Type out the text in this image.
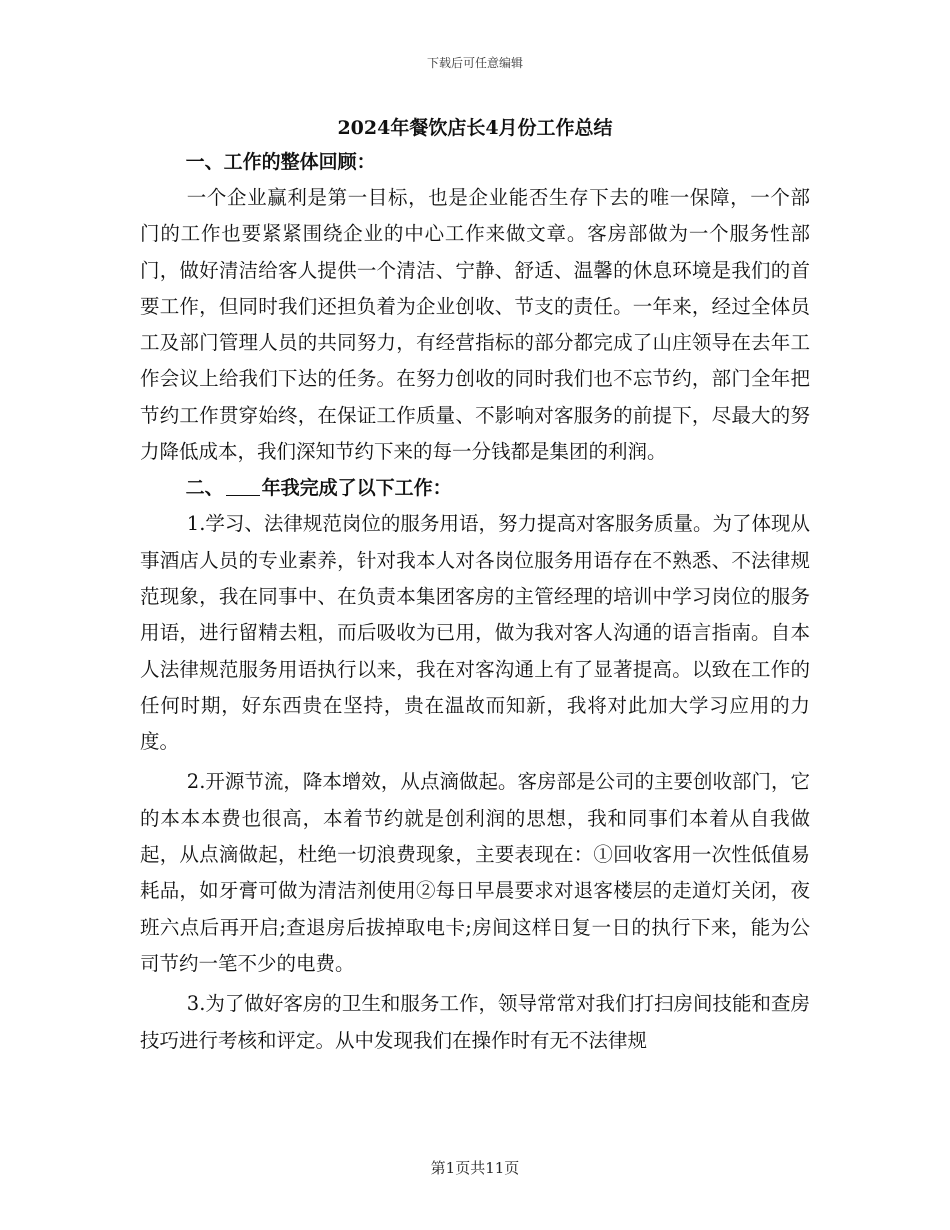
下载后可任意编辑
2024年餐饮店长4月份工作总结
一、工作的整体回顾：

一个企业赢利是第一目标，也是企业能否生存下去的唯一保障，一个部门的工作也要紧紧围绕企业的中心工作来做文章。客房部做为一个服务性部门，做好清洁给客人提供一个清洁、宁静、舒适、温馨的休息环境是我们的首要工作，但同时我们还担负着为企业创收、节支的责任。一年来，经过全体员工及部门管理人员的共同努力，有经营指标的部分都完成了山庄领导在去年工作会议上给我们下达的任务。在努力创收的同时我们也不忘节约，部门全年把节约工作贯穿始终，在保证工作质量、不影响对客服务的前提下，尽最大的努力降低成本，我们深知节约下来的每一分钱都是集团的利润。

二、 年我完成了以下工作：

1.学习、法律规范岗位的服务用语，努力提高对客服务质量。为了体现从事酒店人员的专业素养，针对我本人对各岗位服务用语存在不熟悉、不法律规范现象，我在同事中、在负责本集团客房的主管经理的培训中学习岗位的服务用语，进行留精去粗，而后吸收为已用，做为我对客人沟通的语言指南。自本人法律规范服务用语执行以来，我在对客沟通上有了显著提高。以致在工作的任何时期，好东西贵在坚持，贵在温故而知新，我将对此加大学习应用的力度。

2.开源节流，降本增效，从点滴做起。客房部是公司的主要创收部门，它的本本本费也很高，本着节约就是创利润的思想，我和同事们本着从自我做起，从点滴做起，杜绝一切浪费现象，主要表现在：①回收客用一次性低值易耗品，如牙膏可做为清洁剂使用②每日早晨要求对退客楼层的走道灯关闭，夜班六点后再开启;查退房后拔掉取电卡;房间这样日复一日的执行下来，能为公司节约一笔不少的电费。

3.为了做好客房的卫生和服务工作，领导常常对我们打扫房间技能和查房技巧进行考核和评定。从中发现我们在操作时有无不法律规

第1页共11页
